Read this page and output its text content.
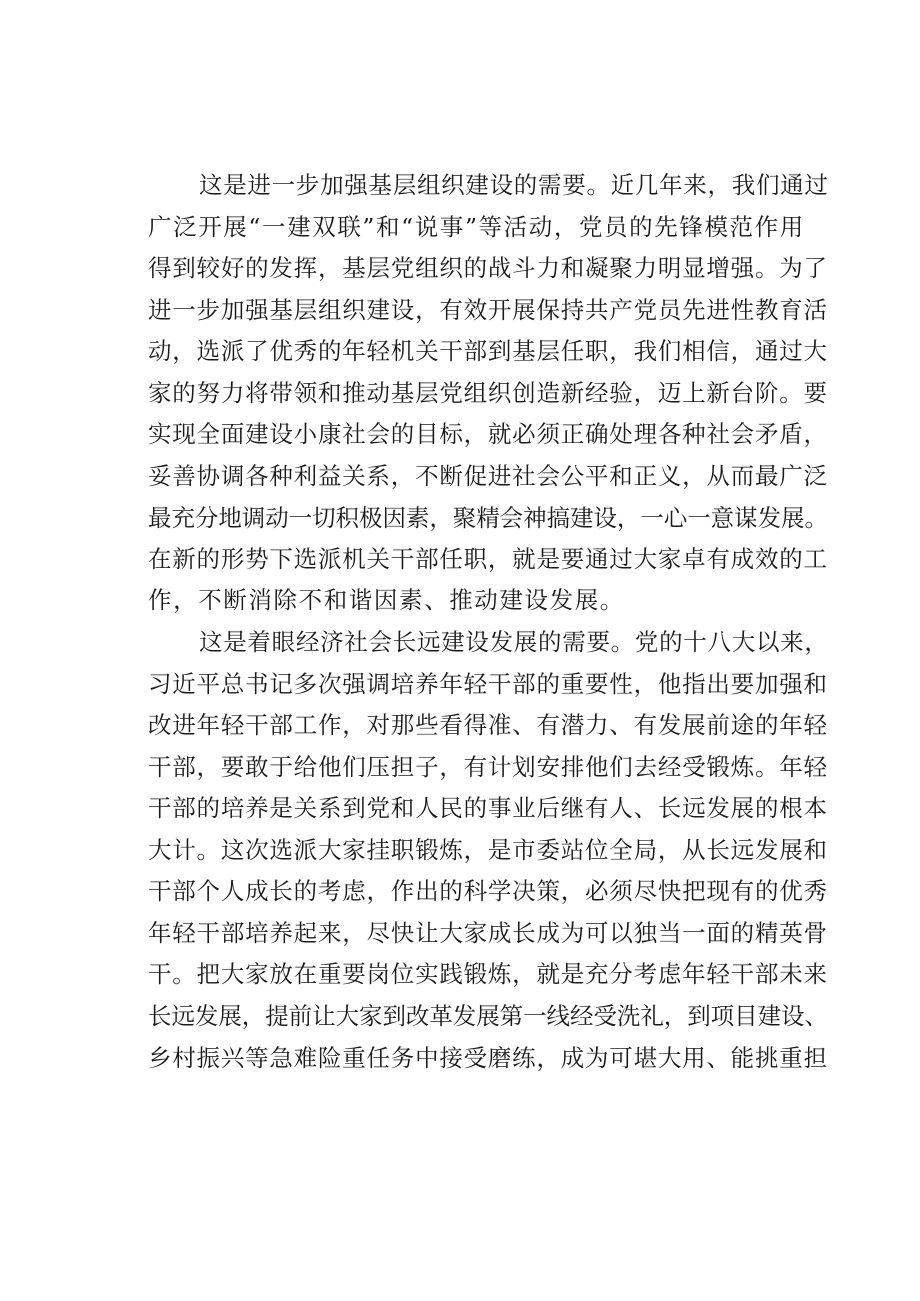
这是进一步加强基层组织建设的需要。近几年来，我们通过
广泛开展“一建双联”和“说事”等活动，党员的先锋模范作用
得到较好的发挥，基层党组织的战斗力和凝聚力明显增强。为了
进一步加强基层组织建设，有效开展保持共产党员先进性教育活
动，选派了优秀的年轻机关干部到基层任职，我们相信，通过大
家的努力将带领和推动基层党组织创造新经验，迈上新台阶。要
实现全面建设小康社会的目标，就必须正确处理各种社会矛盾，
妥善协调各种利益关系，不断促进社会公平和正义，从而最广泛
最充分地调动一切积极因素，聚精会神搞建设，一心一意谋发展。
在新的形势下选派机关干部任职，就是要通过大家卓有成效的工
作，不断消除不和谐因素、推动建设发展。
这是着眼经济社会长远建设发展的需要。党的十八大以来，
习近平总书记多次强调培养年轻干部的重要性，他指出要加强和
改进年轻干部工作，对那些看得准、有潜力、有发展前途的年轻
干部，要敢于给他们压担子，有计划安排他们去经受锻炼。年轻
干部的培养是关系到党和人民的事业后继有人、长远发展的根本
大计。这次选派大家挂职锻炼，是市委站位全局，从长远发展和
干部个人成长的考虑，作出的科学决策，必须尽快把现有的优秀
年轻干部培养起来，尽快让大家成长成为可以独当一面的精英骨
干。把大家放在重要岗位实践锻炼，就是充分考虑年轻干部未来
长远发展，提前让大家到改革发展第一线经受洗礼，到项目建设、
乡村振兴等急难险重任务中接受磨练，成为可堪大用、能挑重担
